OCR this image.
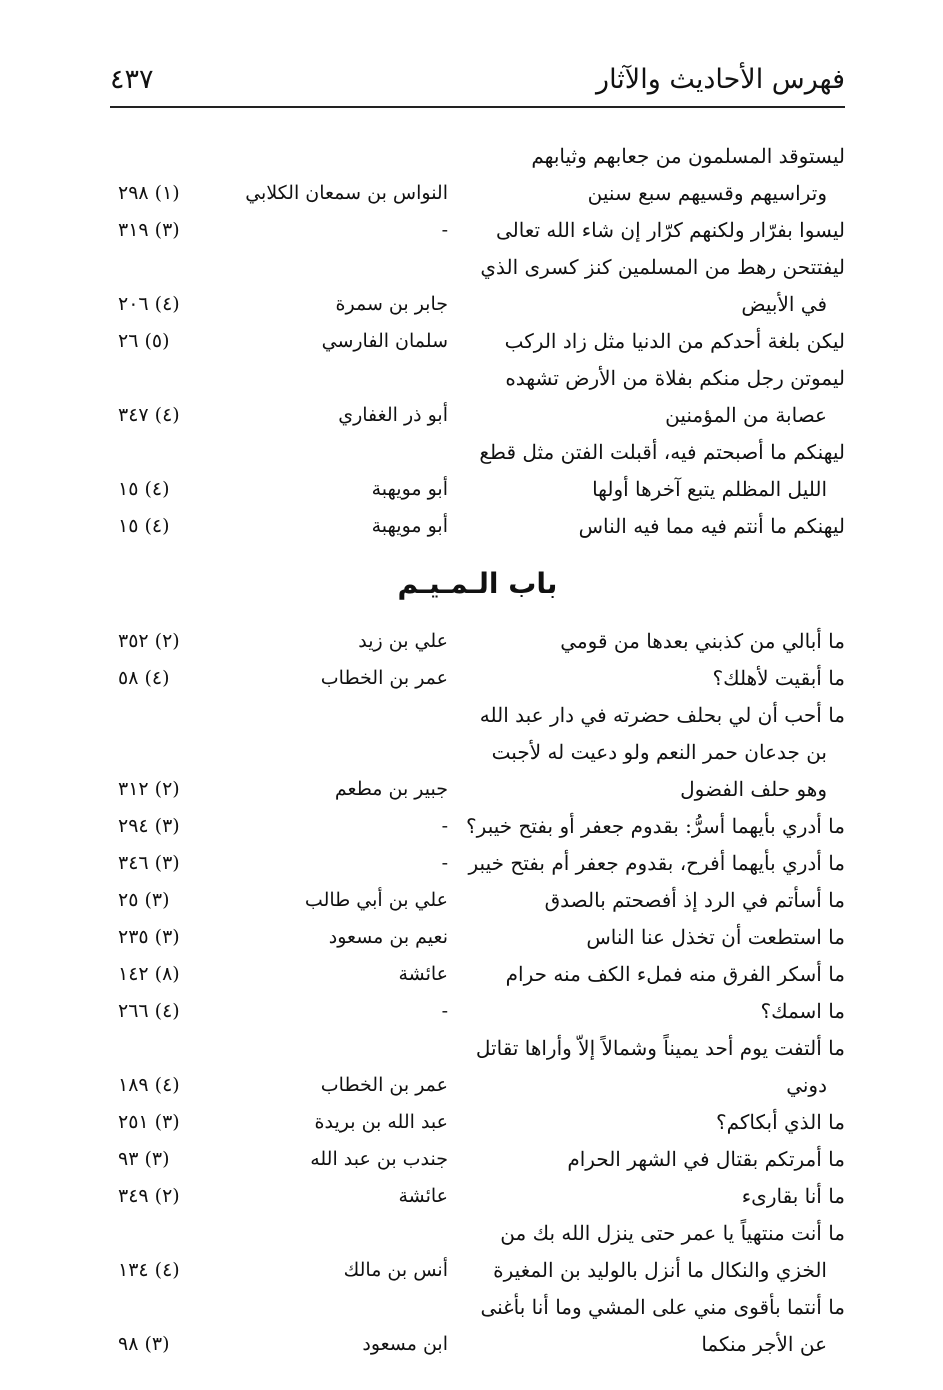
فهرس الأحاديث والآثار
٤٣٧
ليستوقد المسلمون من جعابهم وثيابهم
وتراسيهم وقسيهم سبع سنين
النواس بن سمعان الكلابي
(١) ٢٩٨
ليسوا بفرّار ولكنهم كرّار إن شاء الله تعالى
-
(٣) ٣١٩
ليفتتحن رهط من المسلمين كنز كسرى الذي
في الأبيض
جابر بن سمرة
(٤) ٢٠٦
ليكن بلغة أحدكم من الدنيا مثل زاد الركب
سلمان الفارسي
(٥) ٢٦
ليموتن رجل منكم بفلاة من الأرض تشهده
عصابة من المؤمنين
أبو ذر الغفاري
(٤) ٣٤٧
ليهنكم ما أصبحتم فيه، أقبلت الفتن مثل قطع
الليل المظلم يتبع آخرها أولها
أبو مويهبة
(٤) ١٥
ليهنكم ما أنتم فيه مما فيه الناس
أبو مويهبة
(٤) ١٥
باب الـمـيـم
ما أبالي من كذبني بعدها من قومي
علي بن زيد
(٢) ٣٥٢
ما أبقيت لأهلك؟
عمر بن الخطاب
(٤) ٥٨
ما أحب أن لي بحلف حضرته في دار عبد الله
بن جدعان حمر النعم ولو دعيت له لأجبت
وهو حلف الفضول
جبير بن مطعم
(٢) ٣١٢
ما أدري بأيهما أسرُّ: بقدوم جعفر أو بفتح خيبر؟
-
(٣) ٢٩٤
ما أدري بأيهما أفرح، بقدوم جعفر أم بفتح خيبر
-
(٣) ٣٤٦
ما أسأتم في الرد إذ أفصحتم بالصدق
علي بن أبي طالب
(٣) ٢٥
ما استطعت أن تخذل عنا الناس
نعيم بن مسعود
(٣) ٢٣٥
ما أسكر الفرق منه فملء الكف منه حرام
عائشة
(٨) ١٤٢
ما اسمك؟
-
(٤) ٢٦٦
ما ألتفت يوم أحد يميناً وشمالاً إلاّ وأراها تقاتل
دوني
عمر بن الخطاب
(٤) ١٨٩
ما الذي أبكاكم؟
عبد الله بن بريدة
(٣) ٢٥١
ما أمرتكم بقتال في الشهر الحرام
جندب بن عبد الله
(٣) ٩٣
ما أنا بقارىء
عائشة
(٢) ٣٤٩
ما أنت منتهياً يا عمر حتى ينزل الله بك من
الخزي والنكال ما أنزل بالوليد بن المغيرة
أنس بن مالك
(٤) ١٣٤
ما أنتما بأقوى مني على المشي وما أنا بأغنى
عن الأجر منكما
ابن مسعود
(٣) ٩٨
